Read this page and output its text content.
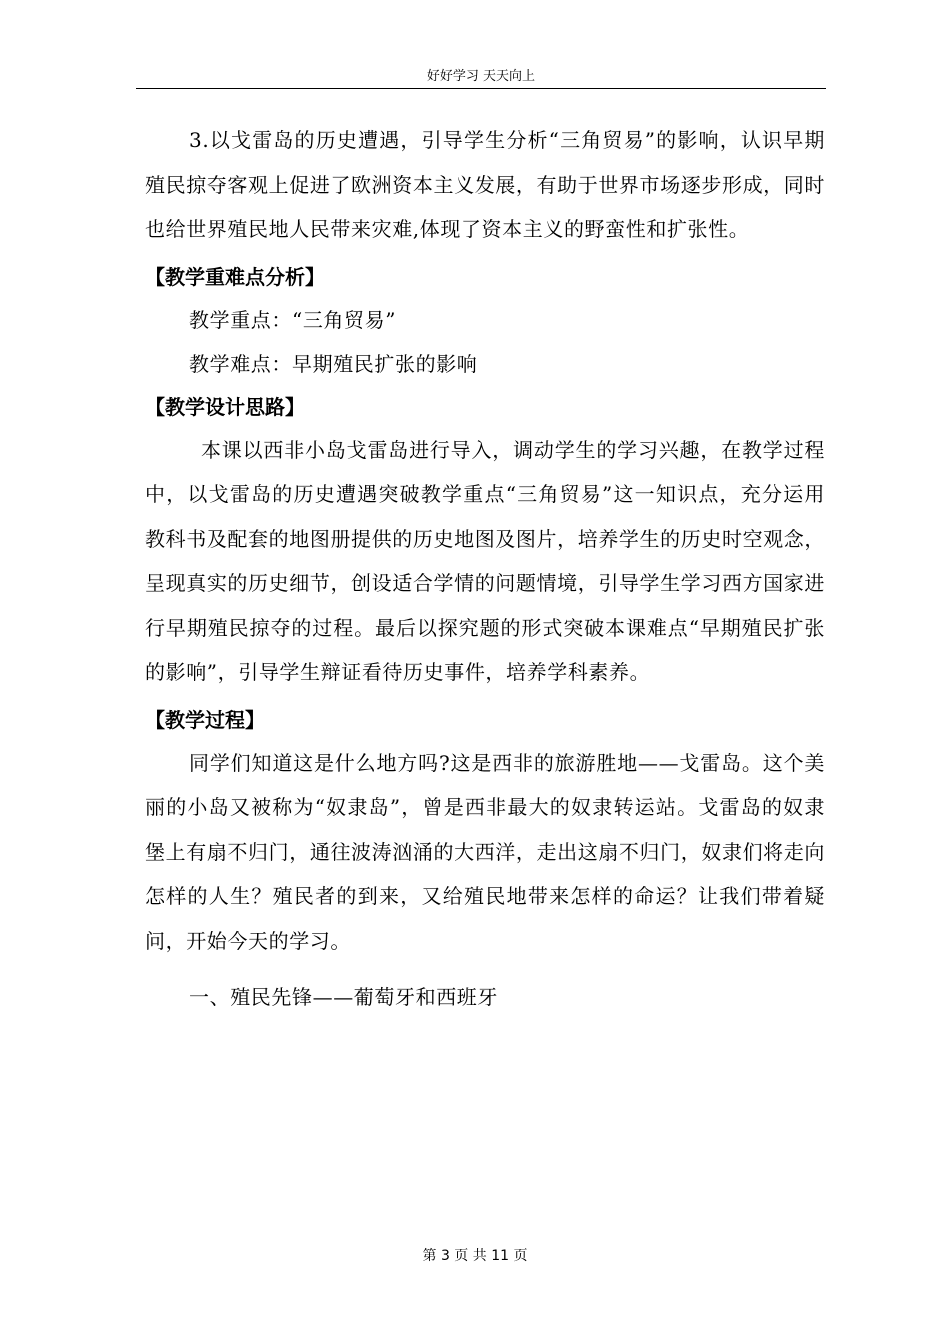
好好学习 天天向上

3.以戈雷岛的历史遭遇，引导学生分析“三角贸易”的影响，认识早期殖民掠夺客观上促进了欧洲资本主义发展，有助于世界市场逐步形成，同时也给世界殖民地人民带来灾难,体现了资本主义的野蛮性和扩张性。

【教学重难点分析】

教学重点：“三角贸易”

教学难点：早期殖民扩张的影响

【教学设计思路】

本课以西非小岛戈雷岛进行导入，调动学生的学习兴趣，在教学过程中，以戈雷岛的历史遭遇突破教学重点“三角贸易”这一知识点，充分运用教科书及配套的地图册提供的历史地图及图片，培养学生的历史时空观念，呈现真实的历史细节，创设适合学情的问题情境，引导学生学习西方国家进行早期殖民掠夺的过程。最后以探究题的形式突破本课难点“早期殖民扩张的影响”，引导学生辩证看待历史事件，培养学科素养。

【教学过程】

同学们知道这是什么地方吗?这是西非的旅游胜地——戈雷岛。这个美丽的小岛又被称为“奴隶岛”，曾是西非最大的奴隶转运站。戈雷岛的奴隶堡上有扇不归门，通往波涛汹涌的大西洋，走出这扇不归门，奴隶们将走向怎样的人生？殖民者的到来，又给殖民地带来怎样的命运？让我们带着疑问，开始今天的学习。

一、殖民先锋——葡萄牙和西班牙

第 3 页 共 11 页
